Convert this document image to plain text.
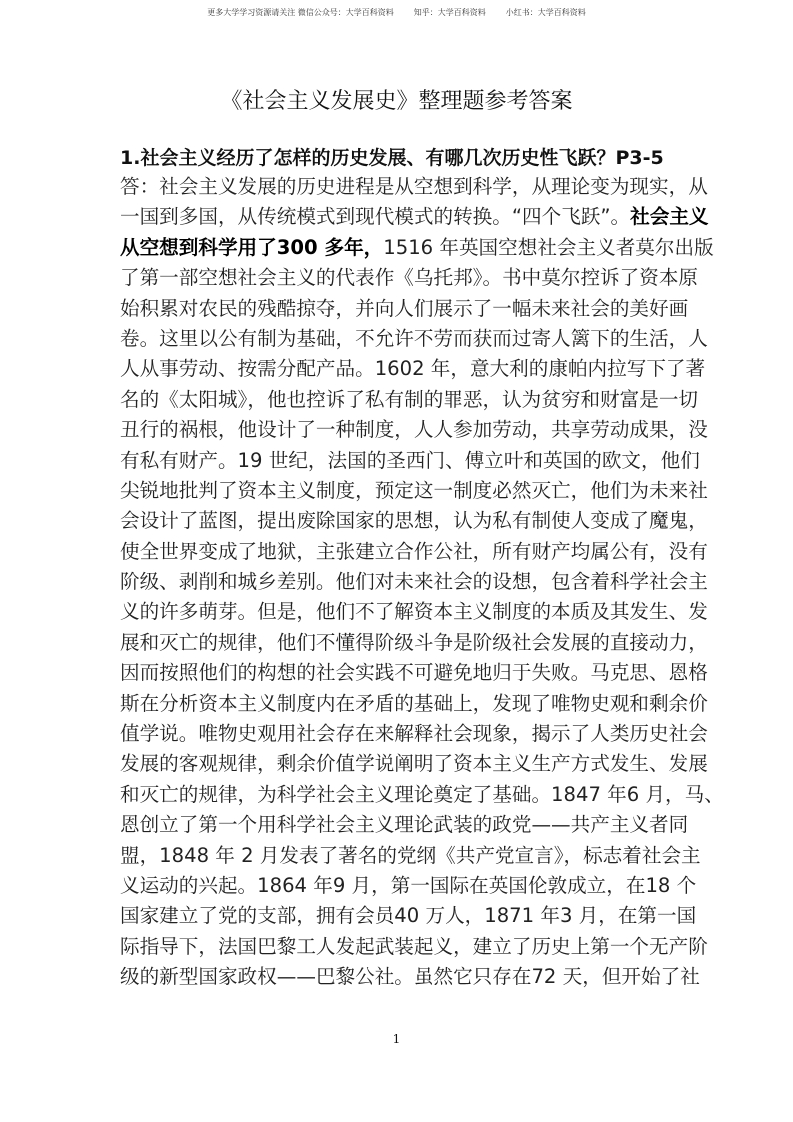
更多大学学习资源请关注 微信公众号：大学百科资料	知乎：大学百科资料	小红书：大学百科资料
《社会主义发展史》整理题参考答案
1.社会主义经历了怎样的历史发展、有哪几次历史性飞跃？P3-5
答：社会主义发展的历史进程是从空想到科学，从理论变为现实，从
一国到多国，从传统模式到现代模式的转换。“四个飞跃”。社会主义
从空想到科学用了300 多年，1516 年英国空想社会主义者莫尔出版
了第一部空想社会主义的代表作《乌托邦》。书中莫尔控诉了资本原
始积累对农民的残酷掠夺，并向人们展示了一幅未来社会的美好画
卷。这里以公有制为基础，不允许不劳而获而过寄人篱下的生活，人
人从事劳动、按需分配产品。1602 年，意大利的康帕内拉写下了著
名的《太阳城》，他也控诉了私有制的罪恶，认为贫穷和财富是一切
丑行的祸根，他设计了一种制度，人人参加劳动，共享劳动成果，没
有私有财产。19 世纪，法国的圣西门、傅立叶和英国的欧文，他们
尖锐地批判了资本主义制度，预定这一制度必然灭亡，他们为未来社
会设计了蓝图，提出废除国家的思想，认为私有制使人变成了魔鬼，
使全世界变成了地狱，主张建立合作公社，所有财产均属公有，没有
阶级、剥削和城乡差别。他们对未来社会的设想，包含着科学社会主
义的许多萌芽。但是，他们不了解资本主义制度的本质及其发生、发
展和灭亡的规律，他们不懂得阶级斗争是阶级社会发展的直接动力，
因而按照他们的构想的社会实践不可避免地归于失败。马克思、恩格
斯在分析资本主义制度内在矛盾的基础上，发现了唯物史观和剩余价
值学说。唯物史观用社会存在来解释社会现象，揭示了人类历史社会
发展的客观规律，剩余价值学说阐明了资本主义生产方式发生、发展
和灭亡的规律，为科学社会主义理论奠定了基础。1847 年6 月，马、
恩创立了第一个用科学社会主义理论武装的政党——共产主义者同
盟，1848 年 2 月发表了著名的党纲《共产党宣言》，标志着社会主
义运动的兴起。1864 年9 月，第一国际在英国伦敦成立，在18 个
国家建立了党的支部，拥有会员40 万人，1871 年3 月，在第一国
际指导下，法国巴黎工人发起武装起义，建立了历史上第一个无产阶
级的新型国家政权——巴黎公社。虽然它只存在72 天，但开始了社
1
